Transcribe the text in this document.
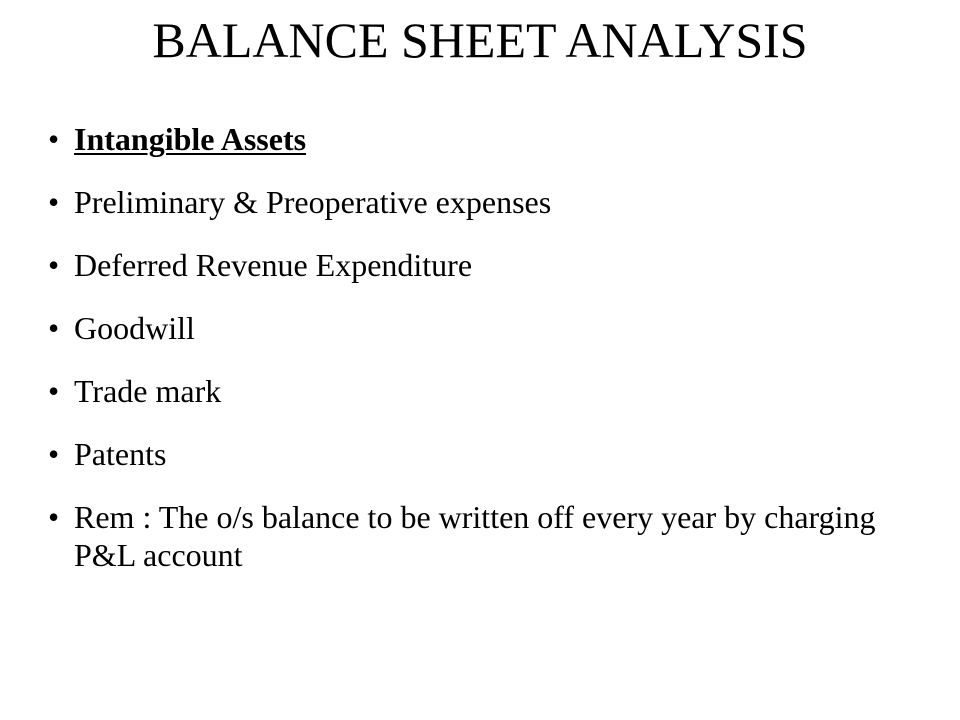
BALANCE SHEET ANALYSIS
• Intangible Assets
• Preliminary & Preoperative expenses
• Deferred Revenue Expenditure
• Goodwill
• Trade mark
• Patents
• Rem : The o/s balance to be written off every year by charging P&L account
